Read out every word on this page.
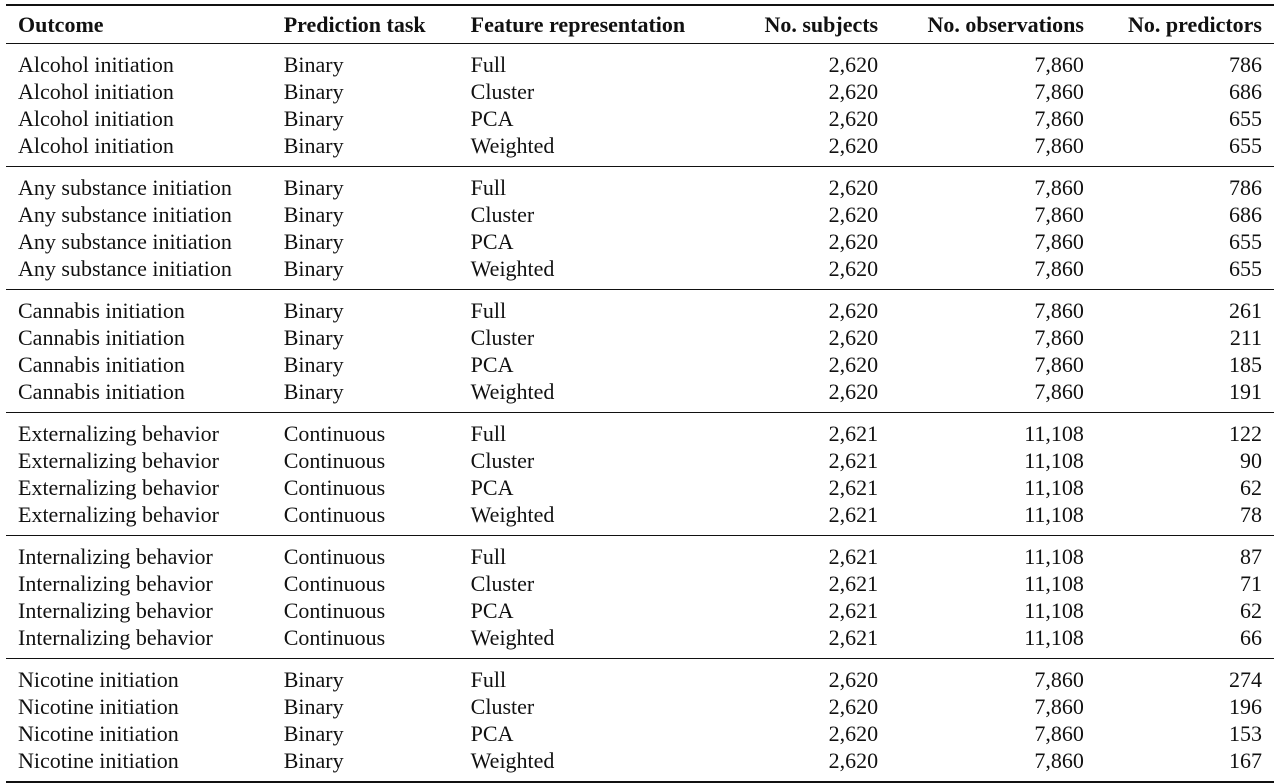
Outcome	Prediction task	Feature representation	No. subjects	No. observations	No. predictors
Alcohol initiation	Binary	Full	2,620	7,860	786
Alcohol initiation	Binary	Cluster	2,620	7,860	686
Alcohol initiation	Binary	PCA	2,620	7,860	655
Alcohol initiation	Binary	Weighted	2,620	7,860	655
Any substance initiation	Binary	Full	2,620	7,860	786
Any substance initiation	Binary	Cluster	2,620	7,860	686
Any substance initiation	Binary	PCA	2,620	7,860	655
Any substance initiation	Binary	Weighted	2,620	7,860	655
Cannabis initiation	Binary	Full	2,620	7,860	261
Cannabis initiation	Binary	Cluster	2,620	7,860	211
Cannabis initiation	Binary	PCA	2,620	7,860	185
Cannabis initiation	Binary	Weighted	2,620	7,860	191
Externalizing behavior	Continuous	Full	2,621	11,108	122
Externalizing behavior	Continuous	Cluster	2,621	11,108	90
Externalizing behavior	Continuous	PCA	2,621	11,108	62
Externalizing behavior	Continuous	Weighted	2,621	11,108	78
Internalizing behavior	Continuous	Full	2,621	11,108	87
Internalizing behavior	Continuous	Cluster	2,621	11,108	71
Internalizing behavior	Continuous	PCA	2,621	11,108	62
Internalizing behavior	Continuous	Weighted	2,621	11,108	66
Nicotine initiation	Binary	Full	2,620	7,860	274
Nicotine initiation	Binary	Cluster	2,620	7,860	196
Nicotine initiation	Binary	PCA	2,620	7,860	153
Nicotine initiation	Binary	Weighted	2,620	7,860	167
